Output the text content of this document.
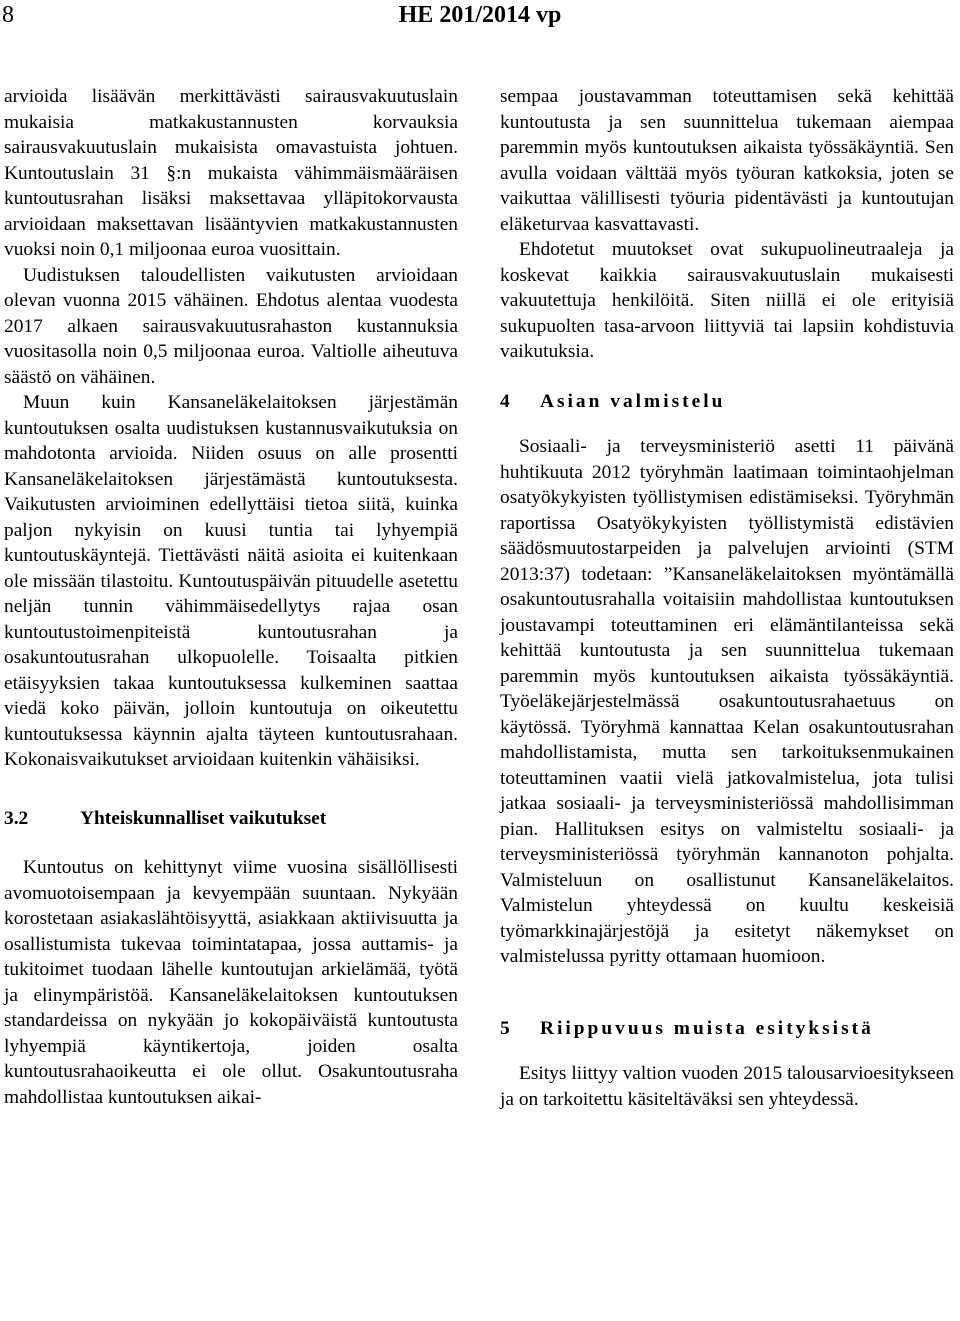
8	HE 201/2014 vp

arvioida lisäävän merkittävästi sairausvakuutuslain mukaisia matkakustannusten korvauksia sairausvakuutuslain mukaisista omavastuista johtuen. Kuntoutuslain 31 §:n mukaista vähimmäismääräisen kuntoutusrahan lisäksi maksettavaa ylläpitokorvausta arvioidaan maksettavan lisääntyvien matkakustannusten vuoksi noin 0,1 miljoonaa euroa vuosittain.

Uudistuksen taloudellisten vaikutusten arvioidaan olevan vuonna 2015 vähäinen. Ehdotus alentaa vuodesta 2017 alkaen sairausvakuutusrahaston kustannuksia vuositasolla noin 0,5 miljoonaa euroa. Valtiolle aiheutuva säästö on vähäinen.

Muun kuin Kansaneläkelaitoksen järjestämän kuntoutuksen osalta uudistuksen kustannusvaikutuksia on mahdotonta arvioida. Niiden osuus on alle prosentti Kansaneläkelaitoksen järjestämästä kuntoutuksesta. Vaikutusten arvioiminen edellyttäisi tietoa siitä, kuinka paljon nykyisin on kuusi tuntia tai lyhyempiä kuntoutuskäyntejä. Tiettävästi näitä asioita ei kuitenkaan ole missään tilastoitu. Kuntoutuspäivän pituudelle asetettu neljän tunnin vähimmäisedellytys rajaa osan kuntoutustoimenpiteistä kuntoutusrahan ja osakuntoutusrahan ulkopuolelle. Toisaalta pitkien etäisyyksien takaa kuntoutuksessa kulkeminen saattaa viedä koko päivän, jolloin kuntoutuja on oikeutettu kuntoutuksessa käynnin ajalta täyteen kuntoutusrahaan. Kokonaisvaikutukset arvioidaan kuitenkin vähäisiksi.

3.2	Yhteiskunnalliset vaikutukset

Kuntoutus on kehittynyt viime vuosina sisällöllisesti avomuotoisempaan ja kevyempään suuntaan. Nykyään korostetaan asiakaslähtöisyyttä, asiakkaan aktiivisuutta ja osallistumista tukevaa toimintatapaa, jossa auttamis- ja tukitoimet tuodaan lähelle kuntoutujan arkielämää, työtä ja elinympäristöä. Kansaneläkelaitoksen kuntoutuksen standardeissa on nykyään jo kokopäiväistä kuntoutusta lyhyempiä käyntikertoja, joiden osalta kuntoutusrahaoikeutta ei ole ollut. Osakuntoutusraha mahdollistaa kuntoutuksen aikai-

sempaa joustavamman toteuttamisen sekä kehittää kuntoutusta ja sen suunnittelua tukemaan aiempaa paremmin myös kuntoutuksen aikaista työssäkäyntiä. Sen avulla voidaan välttää myös työuran katkoksia, joten se vaikuttaa välillisesti työuria pidentävästi ja kuntoutujan eläketurvaa kasvattavasti.

Ehdotetut muutokset ovat sukupuolineutraaleja ja koskevat kaikkia sairausvakuutuslain mukaisesti vakuutettuja henkilöitä. Siten niillä ei ole erityisiä sukupuolten tasa-arvoon liittyviä tai lapsiin kohdistuvia vaikutuksia.

4 Asian valmistelu

Sosiaali- ja terveysministeriö asetti 11 päivänä huhtikuuta 2012 työryhmän laatimaan toimintaohjelman osatyökykyisten työllistymisen edistämiseksi. Työryhmän raportissa Osatyökykyisten työllistymistä edistävien säädösmuutostarpeiden ja palvelujen arviointi (STM 2013:37) todetaan: ”Kansaneläkelaitoksen myöntämällä osakuntoutusrahalla voitaisiin mahdollistaa kuntoutuksen joustavampi toteuttaminen eri elämäntilanteissa sekä kehittää kuntoutusta ja sen suunnittelua tukemaan paremmin myös kuntoutuksen aikaista työssäkäyntiä. Työeläkejärjestelmässä osakuntoutusrahaetuus on käytössä. Työryhmä kannattaa Kelan osakuntoutusrahan mahdollistamista, mutta sen tarkoituksenmukainen toteuttaminen vaatii vielä jatkovalmistelua, jota tulisi jatkaa sosiaali- ja terveysministeriössä mahdollisimman pian. Hallituksen esitys on valmisteltu sosiaali- ja terveysministeriössä työryhmän kannanoton pohjalta. Valmisteluun on osallistunut Kansaneläkelaitos. Valmistelun yhteydessä on kuultu keskeisiä työmarkkinajärjestöjä ja esitetyt näkemykset on valmistelussa pyritty ottamaan huomioon.

5 Riippuvuus muista esityksistä

Esitys liittyy valtion vuoden 2015 talousarvioesitykseen ja on tarkoitettu käsiteltäväksi sen yhteydessä.
